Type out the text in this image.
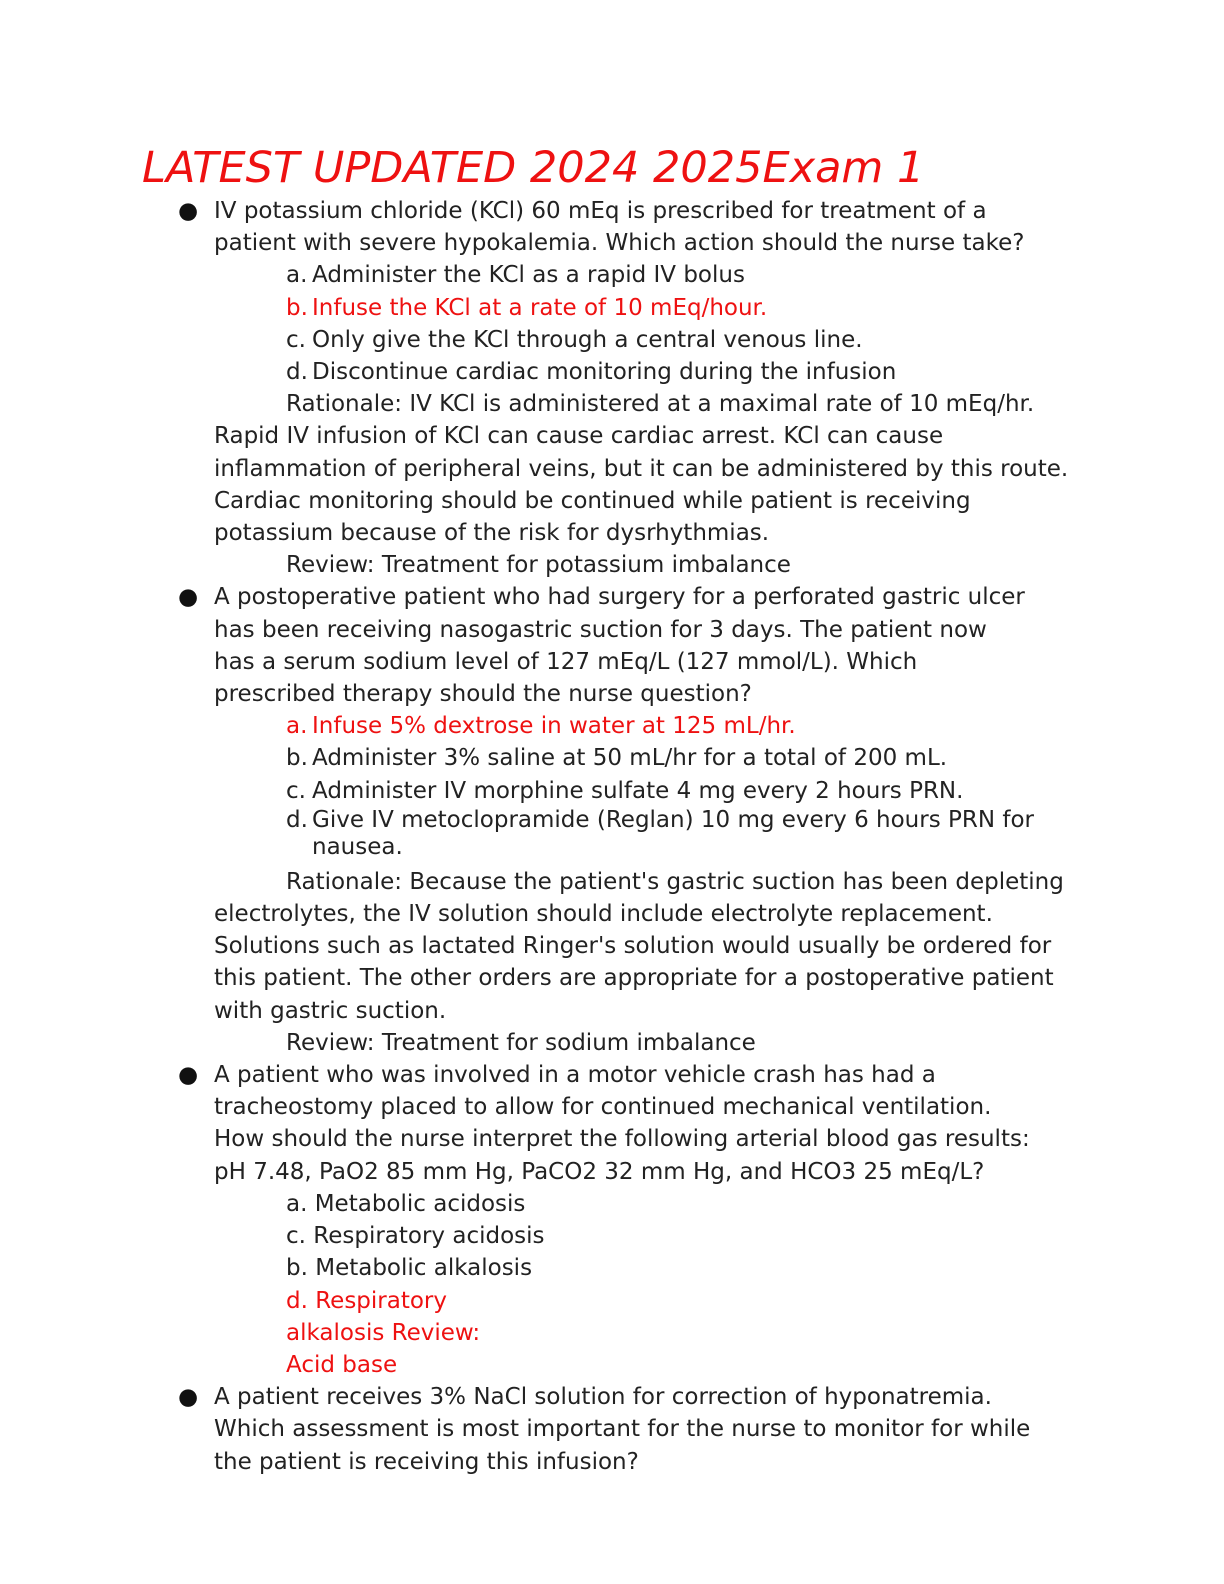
LATEST UPDATED 2024 2025Exam 1
● IV potassium chloride (KCl) 60 mEq is prescribed for treatment of a patient with severe hypokalemia. Which action should the nurse take?

a. Administer the KCl as a rapid IV bolus
b. Infuse the KCl at a rate of 10 mEq/hour.
c. Only give the KCl through a central venous line.
d. Discontinue cardiac monitoring during the infusion

Rationale: IV KCl is administered at a maximal rate of 10 mEq/hr. Rapid IV infusion of KCl can cause cardiac arrest. KCl can cause inflammation of peripheral veins, but it can be administered by this route. Cardiac monitoring should be continued while patient is receiving potassium because of the risk for dysrhythmias.

Review: Treatment for potassium imbalance

● A postoperative patient who had surgery for a perforated gastric ulcer has been receiving nasogastric suction for 3 days. The patient now has a serum sodium level of 127 mEq/L (127 mmol/L). Which prescribed therapy should the nurse question?

a. Infuse 5% dextrose in water at 125 mL/hr.
b. Administer 3% saline at 50 mL/hr for a total of 200 mL.
c. Administer IV morphine sulfate 4 mg every 2 hours PRN.
d. Give IV metoclopramide (Reglan) 10 mg every 6 hours PRN for nausea.

Rationale: Because the patient's gastric suction has been depleting electrolytes, the IV solution should include electrolyte replacement. Solutions such as lactated Ringer's solution would usually be ordered for this patient. The other orders are appropriate for a postoperative patient with gastric suction.

Review: Treatment for sodium imbalance

● A patient who was involved in a motor vehicle crash has had a tracheostomy placed to allow for continued mechanical ventilation. How should the nurse interpret the following arterial blood gas results: pH 7.48, PaO2 85 mm Hg, PaCO2 32 mm Hg, and HCO3 25 mEq/L?

a. Metabolic acidosis

c. Respiratory acidosis

b. Metabolic alkalosis

d. Respiratory

alkalosis Review:

Acid base

● A patient receives 3% NaCl solution for correction of hyponatremia. Which assessment is most important for the nurse to monitor for while the patient is receiving this infusion?
